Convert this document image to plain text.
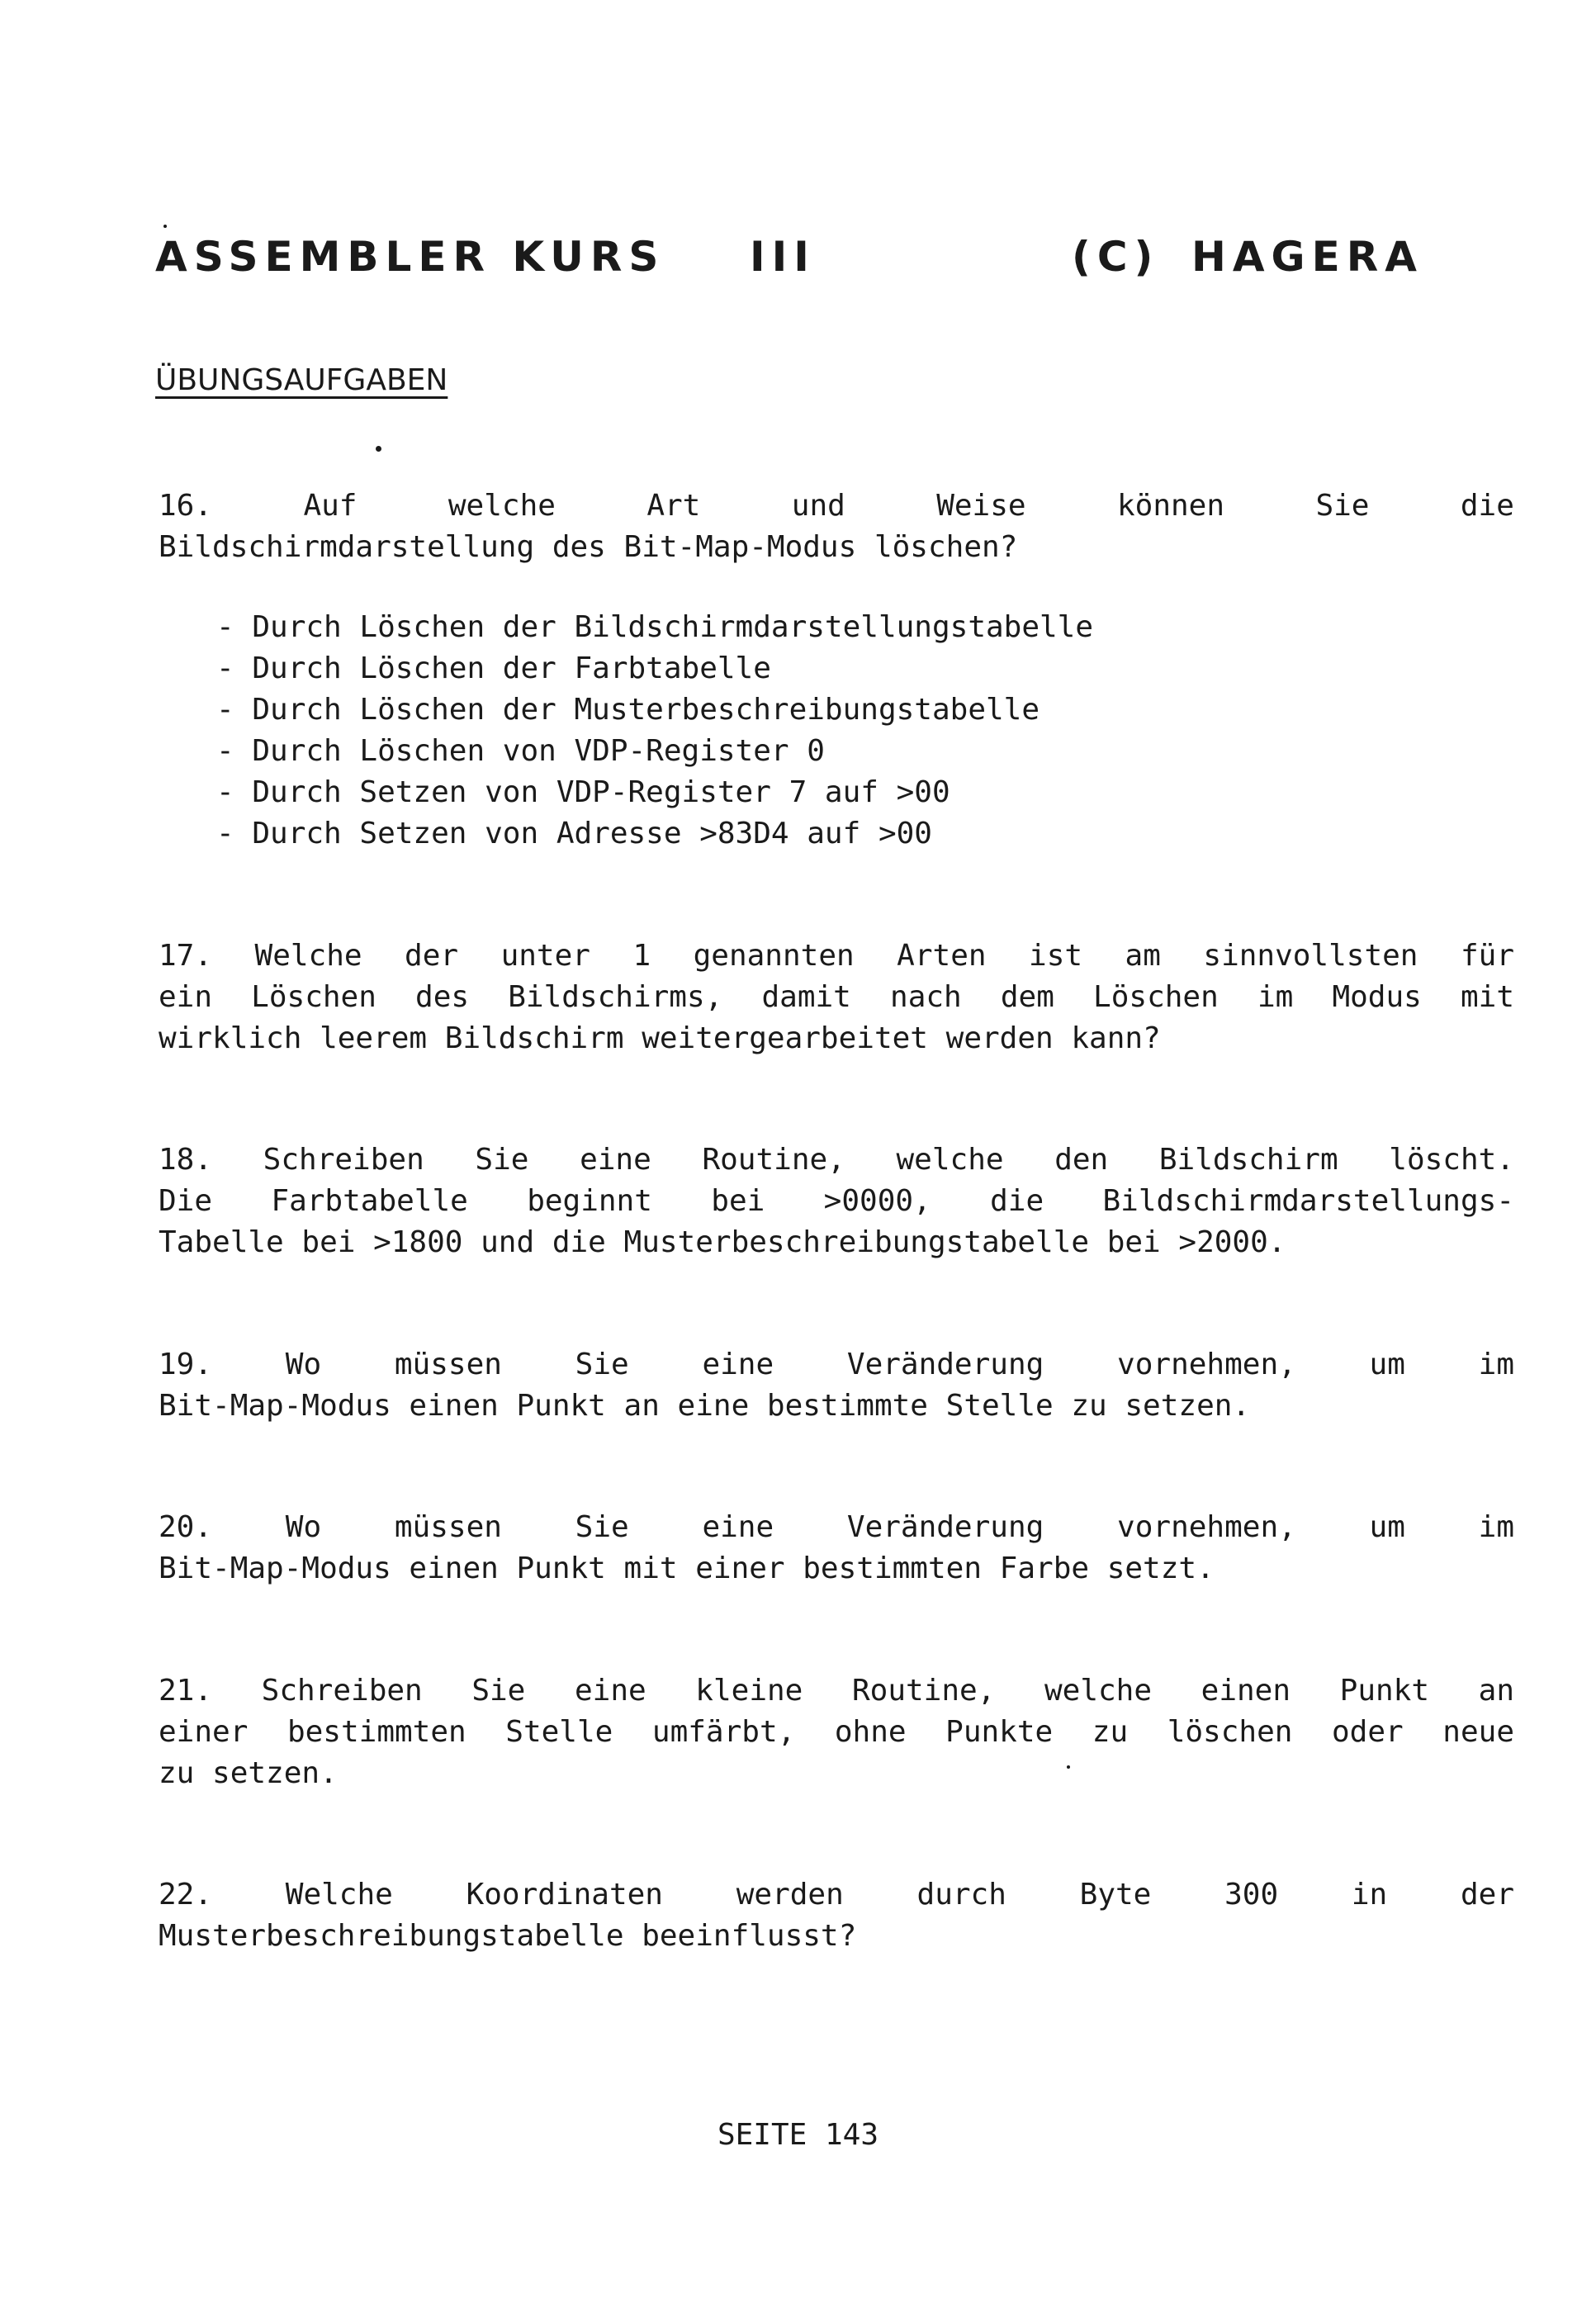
ASSEMBLER KURS III	(C) HAGERA
ÜBUNGSAUFGABEN
16.	Auf	welche	Art	und	Weise	können	Sie	die
Bildschirmdarstellung des Bit-Map-Modus löschen?
- Durch Löschen der Bildschirmdarstellungstabelle
- Durch Löschen der Farbtabelle
- Durch Löschen der Musterbeschreibungstabelle
- Durch Löschen von VDP-Register 0
- Durch Setzen von VDP-Register 7 auf >00
- Durch Setzen von Adresse >83D4 auf >00
17. Welche der unter 1 genannten Arten ist am sinnvollsten für
ein Löschen des Bildschirms, damit nach dem Löschen im Modus mit
wirklich leerem Bildschirm weitergearbeitet werden kann?
18. Schreiben Sie eine Routine, welche den Bildschirm löscht.
Die Farbtabelle beginnt bei >0000, die Bildschirmdarstellungs-
Tabelle bei >1800 und die Musterbeschreibungstabelle bei >2000.
19. Wo müssen Sie eine Veränderung vornehmen, um im
Bit-Map-Modus einen Punkt an eine bestimmte Stelle zu setzen.
20. Wo müssen Sie eine Veränderung vornehmen, um im
Bit-Map-Modus einen Punkt mit einer bestimmten Farbe setzt.
21. Schreiben Sie eine kleine Routine, welche einen Punkt an
einer bestimmten Stelle umfärbt, ohne Punkte zu löschen oder neue
zu setzen.
22. Welche Koordinaten werden durch Byte 300 in der
Musterbeschreibungstabelle beeinflusst?
SEITE 143
